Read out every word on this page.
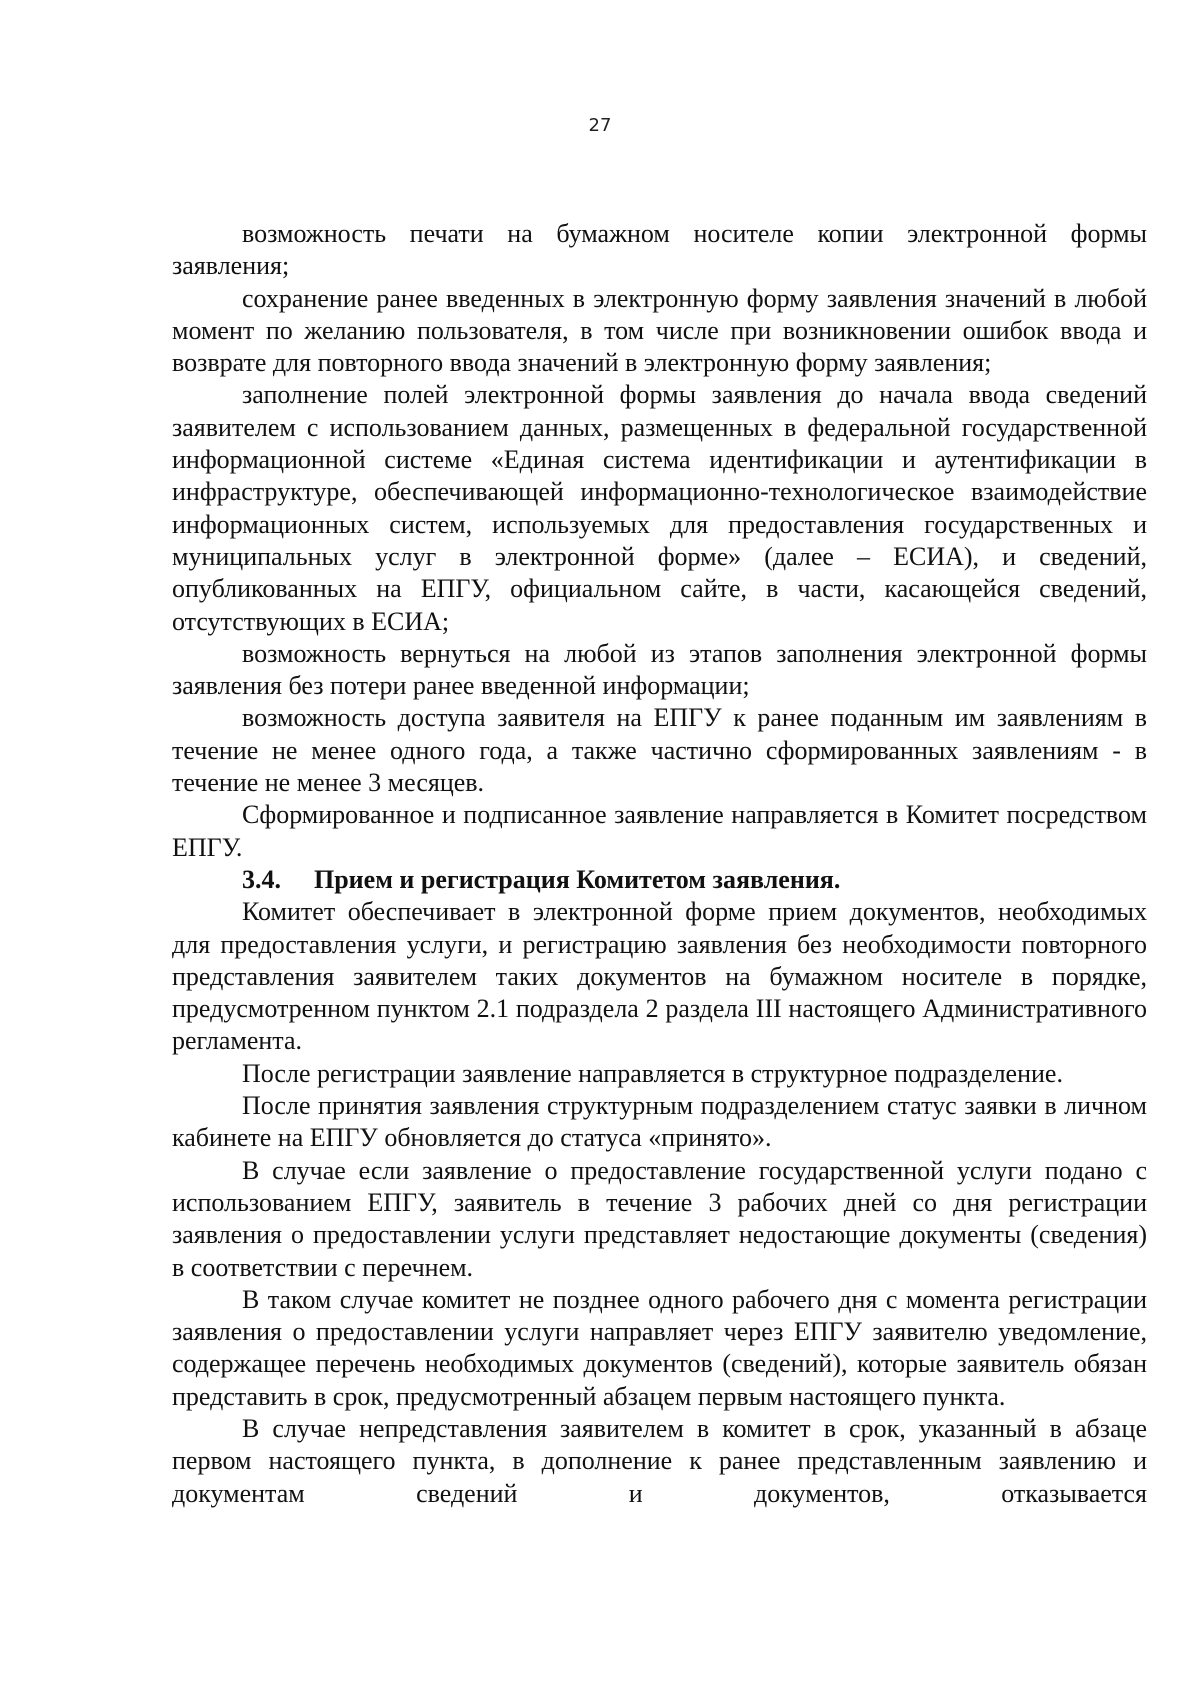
27

возможность печати на бумажном носителе копии электронной формы заявления;

сохранение ранее введенных в электронную форму заявления значений в любой момент по желанию пользователя, в том числе при возникновении ошибок ввода и возврате для повторного ввода значений в электронную форму заявления;

заполнение полей электронной формы заявления до начала ввода сведений заявителем с использованием данных, размещенных в федеральной государственной информационной системе «Единая система идентификации и аутентификации в инфраструктуре, обеспечивающей информационно-технологическое взаимодействие информационных систем, используемых для предоставления государственных и муниципальных услуг в электронной форме» (далее – ЕСИА), и сведений, опубликованных на ЕПГУ, официальном сайте, в части, касающейся сведений, отсутствующих в ЕСИА;

возможность вернуться на любой из этапов заполнения электронной формы заявления без потери ранее введенной информации;

возможность доступа заявителя на ЕПГУ к ранее поданным им заявлениям в течение не менее одного года, а также частично сформированных заявлениям - в течение не менее 3 месяцев.

Сформированное и подписанное заявление направляется в Комитет посредством ЕПГУ.

3.4. Прием и регистрация Комитетом заявления.

Комитет обеспечивает в электронной форме прием документов, необходимых для предоставления услуги, и регистрацию заявления без необходимости повторного представления заявителем таких документов на бумажном носителе в порядке, предусмотренном пунктом 2.1 подраздела 2 раздела III настоящего Административного регламента.

После регистрации заявление направляется в структурное подразделение.

После принятия заявления структурным подразделением статус заявки в личном кабинете на ЕПГУ обновляется до статуса «принято».

В случае если заявление о предоставление государственной услуги подано с использованием ЕПГУ, заявитель в течение 3 рабочих дней со дня регистрации заявления о предоставлении услуги представляет недостающие документы (сведения) в соответствии с перечнем.

В таком случае комитет не позднее одного рабочего дня с момента регистрации заявления о предоставлении услуги направляет через ЕПГУ заявителю уведомление, содержащее перечень необходимых документов (сведений), которые заявитель обязан представить в срок, предусмотренный абзацем первым настоящего пункта.

В случае непредставления заявителем в комитет в срок, указанный в абзаце первом настоящего пункта, в дополнение к ранее представленным заявлению и документам сведений и документов, отказывается
